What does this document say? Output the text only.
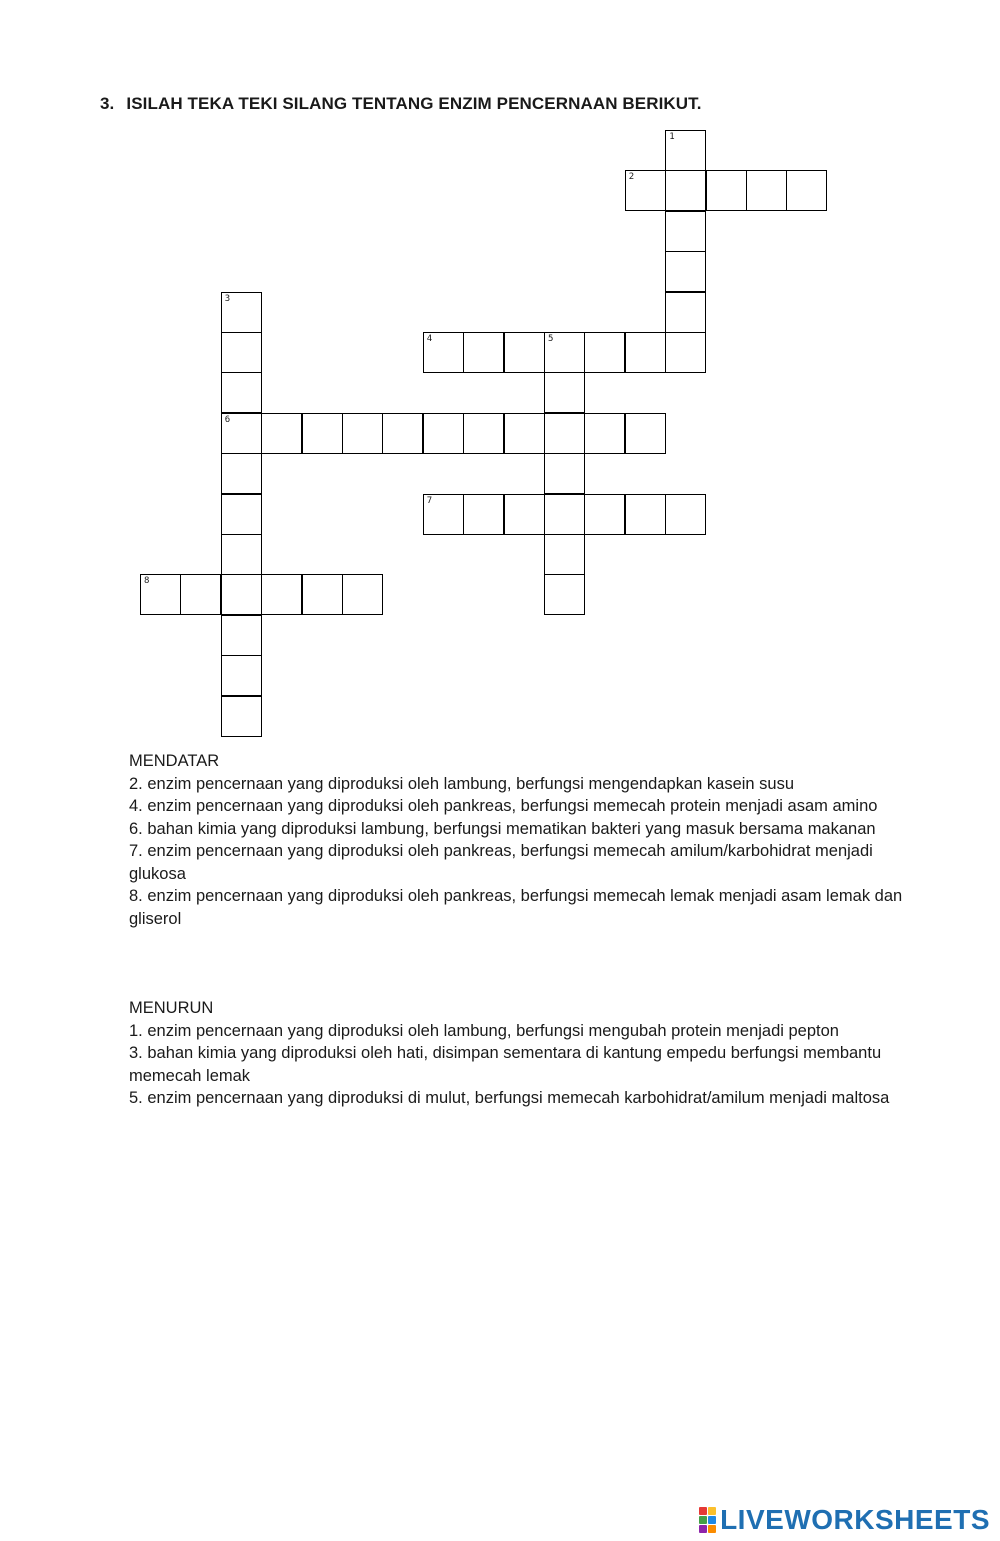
3. ISILAH TEKA TEKI SILANG TENTANG ENZIM PENCERNAAN BERIKUT.
1
2
3
6
4	5
7
8

MENDATAR

2. enzim pencernaan yang diproduksi oleh lambung, berfungsi mengendapkan kasein susu

4. enzim pencernaan yang diproduksi oleh pankreas, berfungsi memecah protein menjadi asam amino

6. bahan kimia yang diproduksi lambung, berfungsi mematikan bakteri yang masuk bersama makanan

7. enzim pencernaan yang diproduksi oleh pankreas, berfungsi memecah amilum/karbohidrat menjadi glukosa

8. enzim pencernaan yang diproduksi oleh pankreas, berfungsi memecah lemak menjadi asam lemak dan gliserol

MENURUN

1. enzim pencernaan yang diproduksi oleh lambung, berfungsi mengubah protein menjadi pepton

3. bahan kimia yang diproduksi oleh hati, disimpan sementara di kantung empedu berfungsi membantu memecah lemak

5. enzim pencernaan yang diproduksi di mulut, berfungsi memecah karbohidrat/amilum menjadi maltosa

LIVEWORKSHEETS
